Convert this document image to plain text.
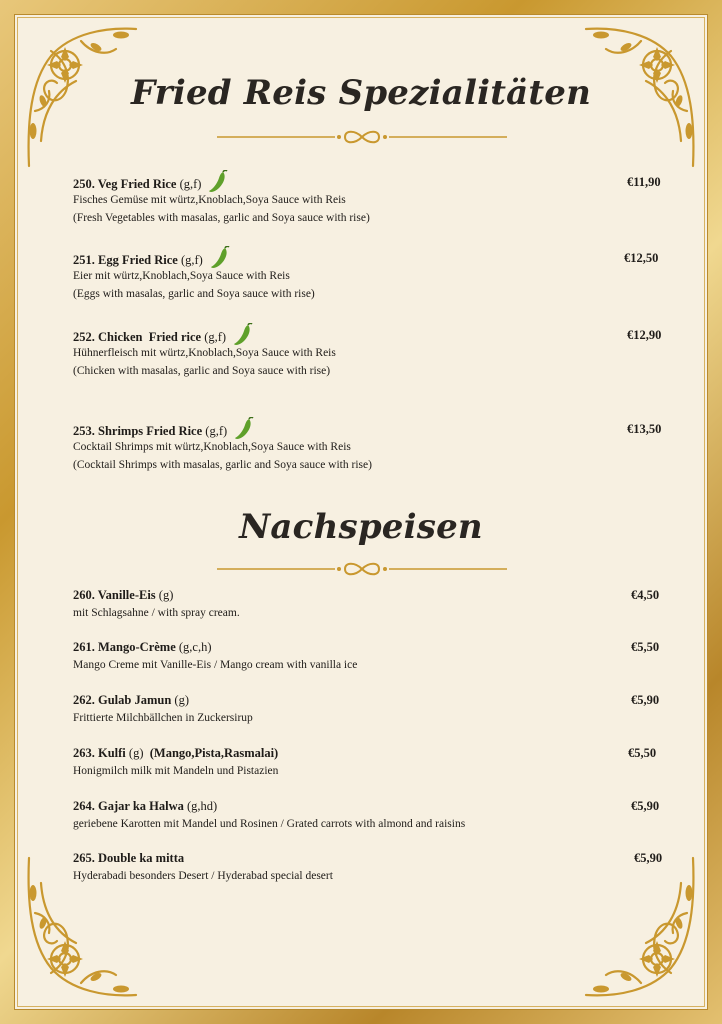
Fried Reis Spezialitäten
250. Veg Fried Rice (g,f)	€11,90
Fisches Gemüse mit würtz,Knoblach,Soya Sauce with Reis
(Fresh Vegetables with masalas, garlic and Soya sauce with rise)
251. Egg Fried Rice (g,f)	€12,50
Eier mit würtz,Knoblach,Soya Sauce with Reis
(Eggs with masalas, garlic and Soya sauce with rise)
252. Chicken  Fried rice (g,f)	€12,90
Hühnerfleisch mit würtz,Knoblach,Soya Sauce with Reis
(Chicken with masalas, garlic and Soya sauce with rise)
253. Shrimps Fried Rice (g,f)	€13,50
Cocktail Shrimps mit würtz,Knoblach,Soya Sauce with Reis
(Cocktail Shrimps with masalas, garlic and Soya sauce with rise)
Nachspeisen
260. Vanille-Eis (g)	€4,50
mit Schlagsahne / with spray cream.
261. Mango-Crème (g,c,h)	€5,50
Mango Creme mit Vanille-Eis / Mango cream with vanilla ice
262. Gulab Jamun (g)	€5,90
Frittierte Milchbällchen in Zuckersirup
263. Kulfi (g)  (Mango,Pista,Rasmalai)	€5,50
Honigmilch milk mit Mandeln und Pistazien
264. Gajar ka Halwa (g,hd)	€5,90
geriebene Karotten mit Mandel und Rosinen / Grated carrots with almond and raisins
265. Double ka mitta	€5,90
Hyderabadi besonders Desert / Hyderabad special desert
